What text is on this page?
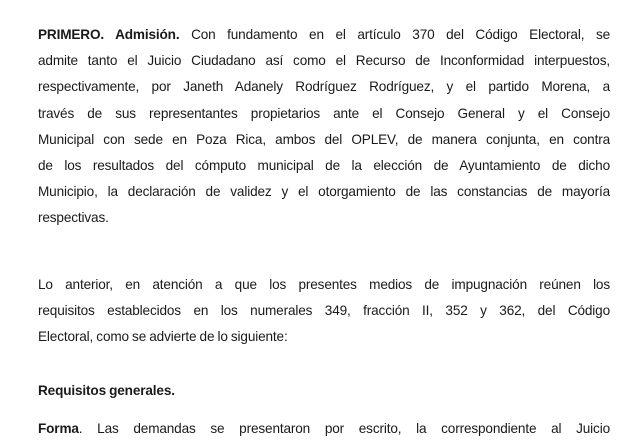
PRIMERO. Admisión. Con fundamento en el artículo 370 del Código Electoral, se
admite tanto el Juicio Ciudadano así como el Recurso de Inconformidad interpuestos,
respectivamente, por Janeth Adanely Rodríguez Rodríguez, y el partido Morena, a
través de sus representantes propietarios ante el Consejo General y el Consejo
Municipal con sede en Poza Rica, ambos del OPLEV, de manera conjunta, en contra
de los resultados del cómputo municipal de la elección de Ayuntamiento de dicho
Municipio, la declaración de validez y el otorgamiento de las constancias de mayoría
respectivas.
Lo anterior, en atención a que los presentes medios de impugnación reúnen los
requisitos establecidos en los numerales 349, fracción II, 352 y 362, del Código
Electoral, como se advierte de lo siguiente:
Requisitos generales.
Forma. Las demandas se presentaron por escrito, la correspondiente al Juicio
